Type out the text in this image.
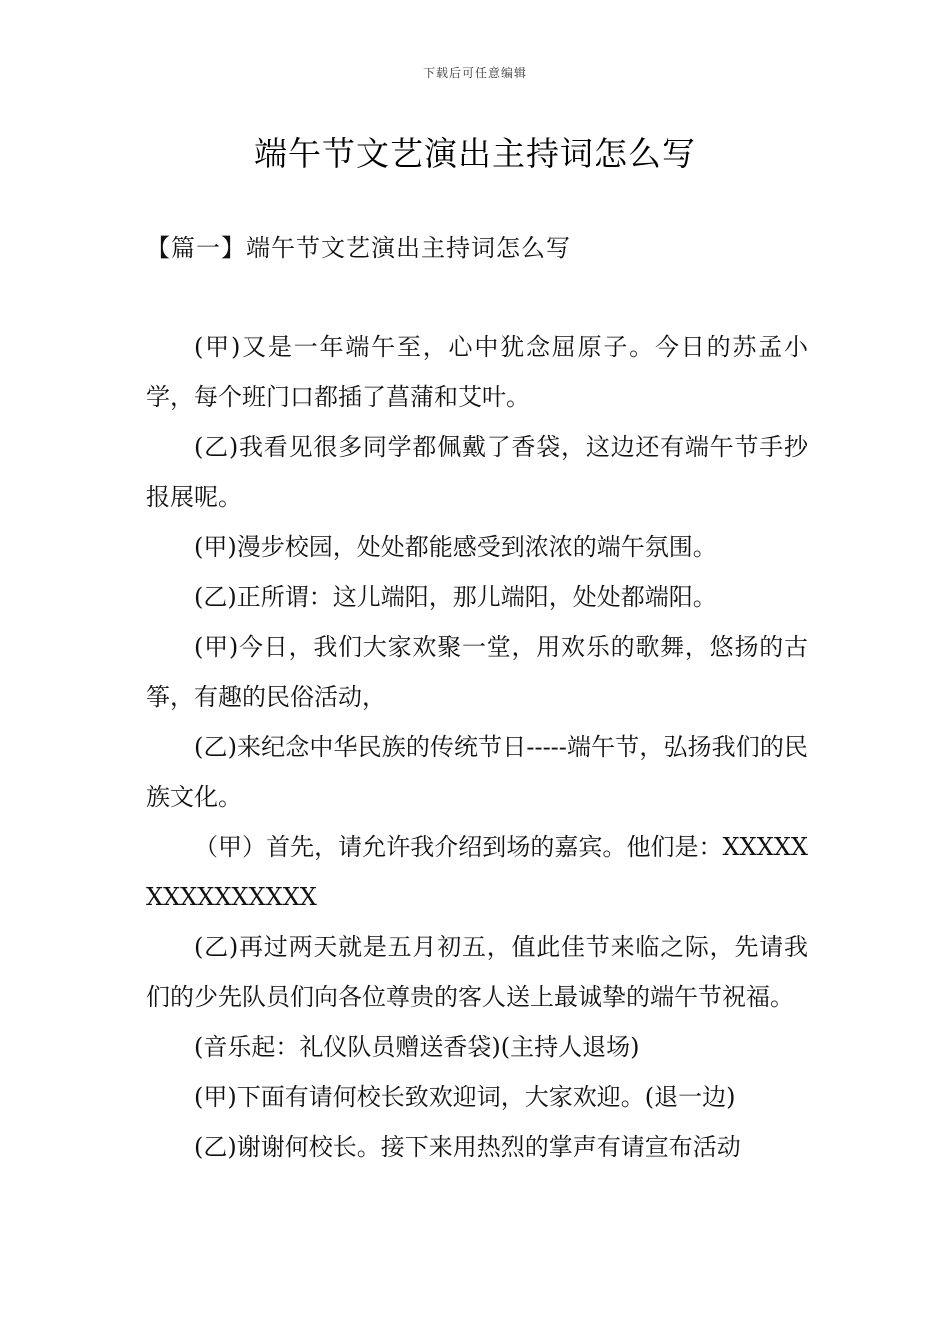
下载后可任意编辑
端午节文艺演出主持词怎么写
【篇一】端午节文艺演出主持词怎么写

(甲)又是一年端午至，心中犹念屈原子。今日的苏孟小学，每个班门口都插了菖蒲和艾叶。

(乙)我看见很多同学都佩戴了香袋，这边还有端午节手抄报展呢。

(甲)漫步校园，处处都能感受到浓浓的端午氛围。

(乙)正所谓：这儿端阳，那儿端阳，处处都端阳。

(甲)今日，我们大家欢聚一堂，用欢乐的歌舞，悠扬的古筝，有趣的民俗活动，

(乙)来纪念中华民族的传统节日-----端午节，弘扬我们的民族文化。

（甲）首先，请允许我介绍到场的嘉宾。他们是：XXXXXXXXXXXXXXX

(乙)再过两天就是五月初五，值此佳节来临之际，先请我们的少先队员们向各位尊贵的客人送上最诚挚的端午节祝福。

(音乐起：礼仪队员赠送香袋)(主持人退场)

(甲)下面有请何校长致欢迎词，大家欢迎。(退一边)

(乙)谢谢何校长。接下来用热烈的掌声有请宣布活动
